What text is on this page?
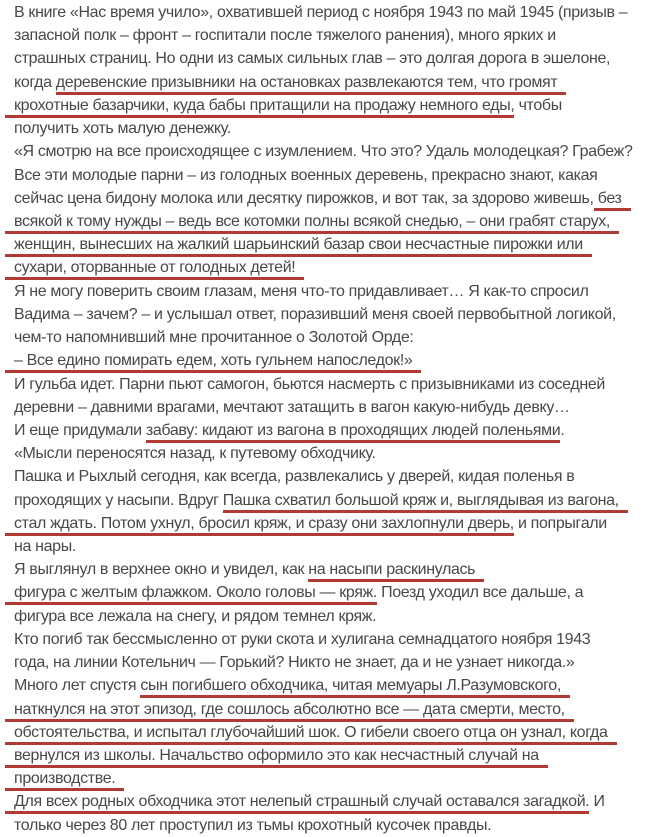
В книге «Нас время учило», охватившей период с ноября 1943 по май 1945 (призыв –
запасной полк – фронт – госпитали после тяжелого ранения), много ярких и
страшных страниц. Но одни из самых сильных глав – это долгая дорога в эшелоне,
когда деревенские призывники на остановках развлекаются тем, что громят
крохотные базарчики, куда бабы притащили на продажу немного еды, чтобы
получить хоть малую денежку.
«Я смотрю на все происходящее с изумлением. Что это? Удаль молодецкая? Грабеж?
Все эти молодые парни – из голодных военных деревень, прекрасно знают, какая
сейчас цена бидону молока или десятку пирожков, и вот так, за здорово живешь, без
всякой к тому нужды – ведь все котомки полны всякой снедью, – они грабят старух,
женщин, вынесших на жалкий шарьинский базар свои несчастные пирожки или
сухари, оторванные от голодных детей!
Я не могу поверить своим глазам, меня что-то придавливает… Я как-то спросил
Вадима – зачем? – и услышал ответ, поразивший меня своей первобытной логикой,
чем-то напомнивший мне прочитанное о Золотой Орде:
– Все едино помирать едем, хоть гульнем напоследок!»
И гульба идет. Парни пьют самогон, бьются насмерть с призывниками из соседней
деревни – давними врагами, мечтают затащить в вагон какую-нибудь девку…
И еще придумали забаву: кидают из вагона в проходящих людей поленьями.
«Мысли переносятся назад, к путевому обходчику.
Пашка и Рыхлый сегодня, как всегда, развлекались у дверей, кидая поленья в
проходящих у насыпи. Вдруг Пашка схватил большой кряж и, выглядывая из вагона,
стал ждать. Потом ухнул, бросил кряж, и сразу они захлопнули дверь, и попрыгали
на нары.
Я выглянул в верхнее окно и увидел, как на насыпи раскинулась
фигура с желтым флажком. Около головы — кряж. Поезд уходил все дальше, а
фигура все лежала на снегу, и рядом темнел кряж.
Кто погиб так бессмысленно от руки скота и хулигана семнадцатого ноября 1943
года, на линии Котельнич — Горький? Никто не знает, да и не узнает никогда.»
Много лет спустя сын погибшего обходчика, читая мемуары Л.Разумовского,
наткнулся на этот эпизод, где сошлось абсолютно все — дата смерти, место,
обстоятельства, и испытал глубочайший шок. О гибели своего отца он узнал, когда
вернулся из школы. Начальство оформило это как несчастный случай на
производстве.
Для всех родных обходчика этот нелепый страшный случай оставался загадкой. И
только через 80 лет проступил из тьмы крохотный кусочек правды.
